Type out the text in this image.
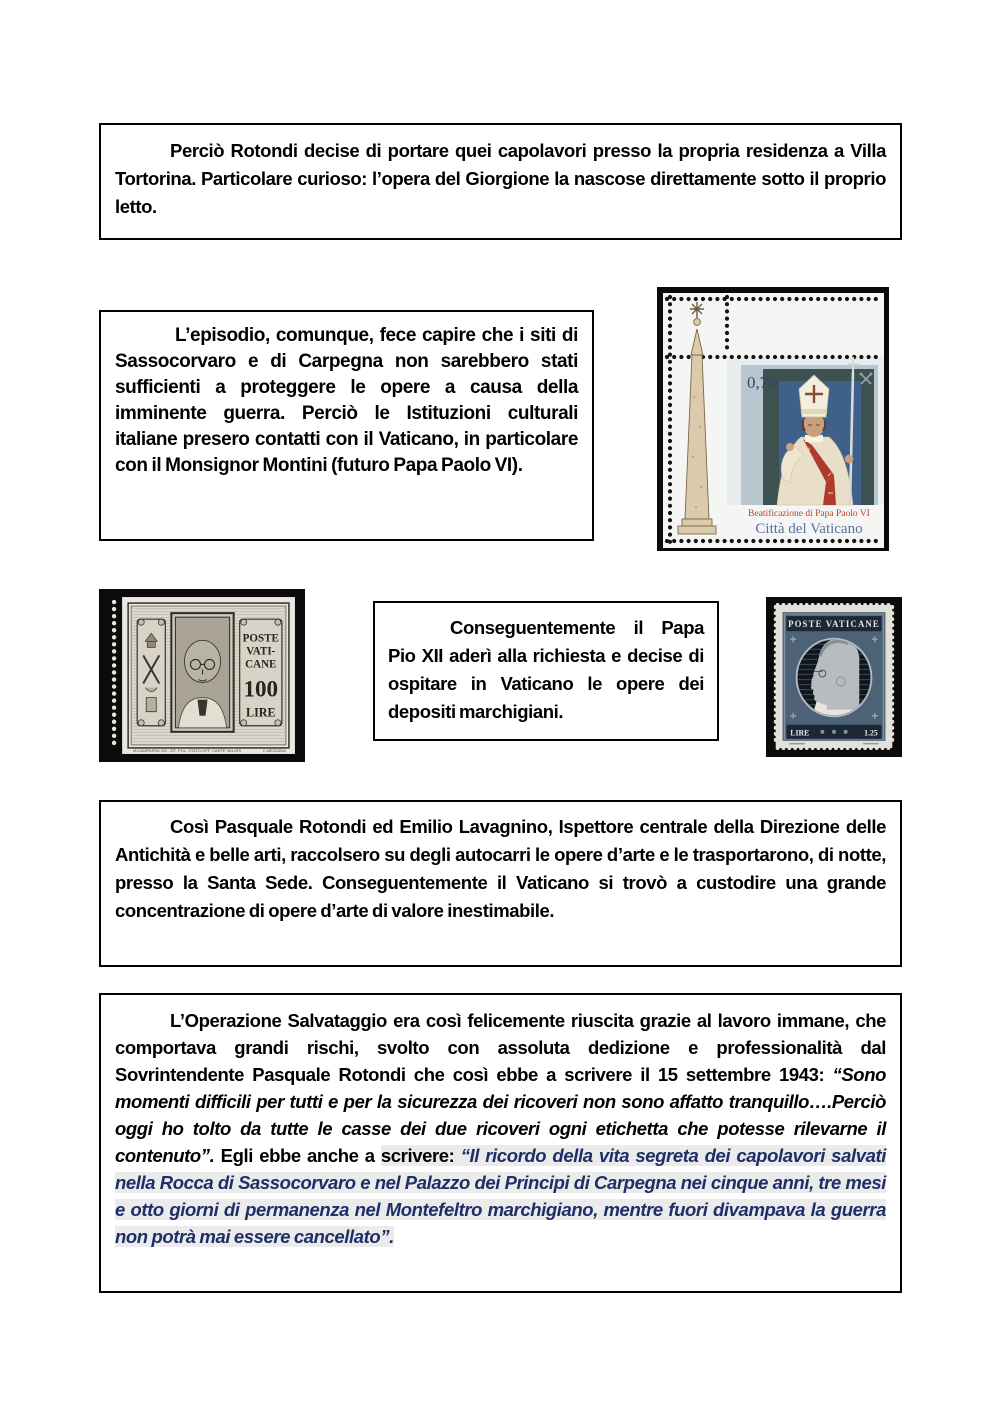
Perciò Rotondi decise di portare quei capolavori presso la propria residenza a Villa Tortorina. Particolare curioso: l’opera del Giorgione la nascose direttamente sotto il proprio letto.

L’episodio, comunque, fece capire che i siti di Sassocorvaro e di Carpegna non sarebbero stati sufficienti a proteggere le opere a causa della imminente guerra. Perciò le Istituzioni culturali italiane presero contatti con il Vaticano, in particolare con il Monsignor Montini (futuro Papa Paolo VI).

Conseguentemente il Papa Pio XII aderì alla richiesta e decise di ospitare in Vaticano le opere dei depositi marchigiani.

Così Pasquale Rotondi ed Emilio Lavagnino, Ispettore centrale della Direzione delle Antichità e belle arti, raccolsero su degli autocarri le opere d’arte e le trasportarono, di notte, presso la Santa Sede. Conseguentemente il Vaticano si trovò a custodire una grande concentrazione di opere d’arte di valore inestimabile.

L’Operazione Salvataggio era così felicemente riuscita grazie al lavoro immane, che comportava grandi rischi, svolto con assoluta dedizione e professionalità dal Sovrintendente Pasquale Rotondi che così ebbe a scrivere il 15 settembre 1943: “Sono momenti difficili per tutti e per la sicurezza dei ricoveri non sono affatto tranquillo….Perciò oggi ho tolto da tutte le casse dei due ricoveri ogni etichetta che potesse rilevarne il contenuto”. Egli ebbe anche a scrivere: “Il ricordo della vita segreta dei capolavori salvati nella Rocca di Sassocorvaro e nel Palazzo dei Principi di Carpegna nei cinque anni, tre mesi e otto giorni di permanenza nel Montefeltro marchigiano, mentre fuori divampava la guerra non potrà mai essere cancellato”.

0,70
Beatificazione di Papa Paolo VI
Città del Vaticano
POSTE
VATI-
CANE
100
LIRE
M.CAMPARINI INC. IST. POL. STATO-OFF. CARTE VALORI	C.MEZZANA
POSTE VATICANE
LIRE	1.25
